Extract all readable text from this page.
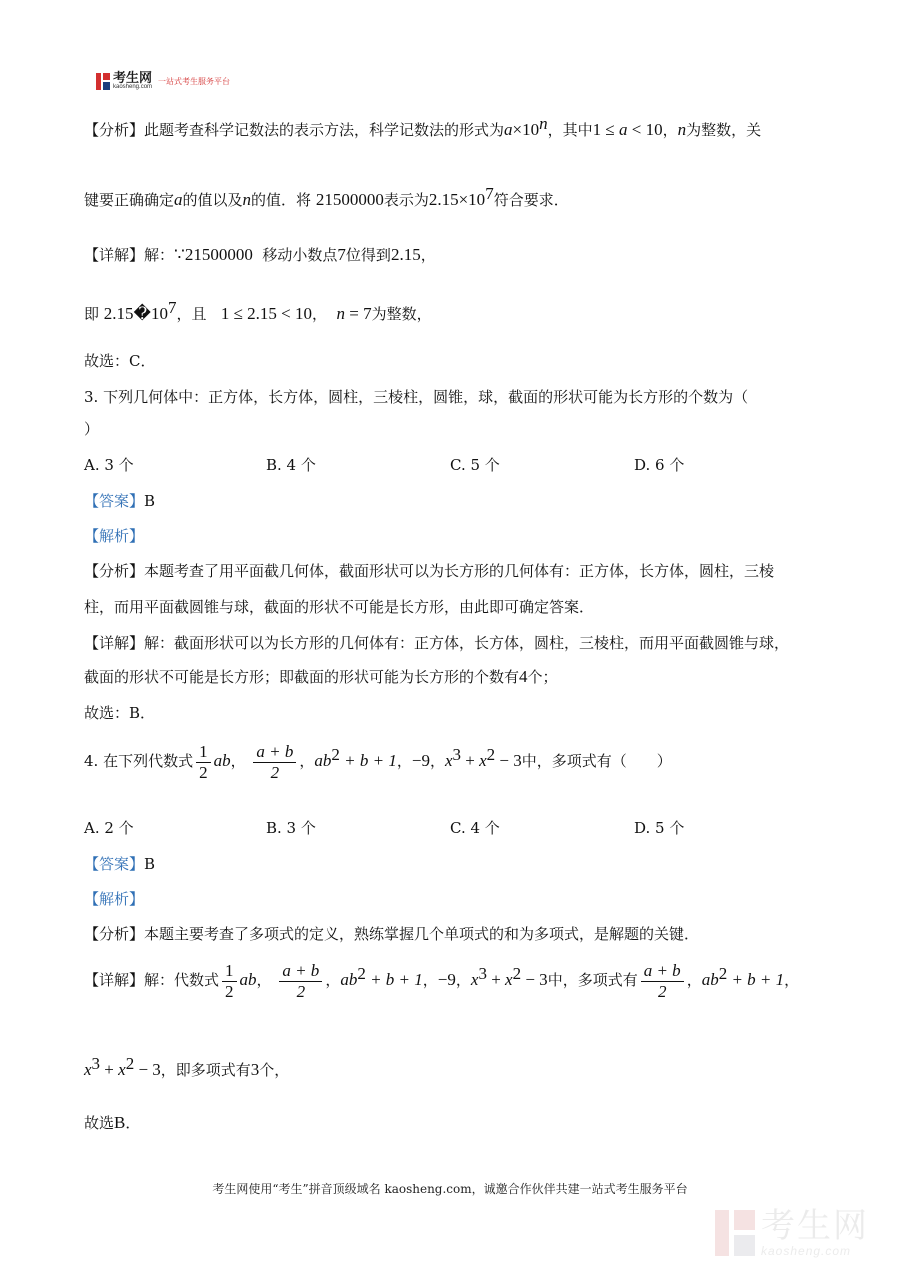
考生网
kaosheng.com
一站式考生服务平台
【分析】此题考查科学记数法的表示方法，科学记数法的形式为$a\times 10^n$，其中1 ≤ a < 10，n为整数，关
键要正确确定a的值以及n的值．将 21500000表示为$2.15\times 10^7$符合要求．
【详解】解：∵21500000 移动小数点7位得到2.15，
即 $2.15�10^7$，且 1 ≤ 2.15 < 10， n = 7为整数，
故选：C．
3. 下列几何体中：正方体，长方体，圆柱，三棱柱，圆锥，球，截面的形状可能为长方形的个数为（
）
A. 3 个	B. 4 个	C. 5 个	D. 6 个
【答案】B
【解析】
【分析】本题考查了用平面截几何体，截面形状可以为长方形的几何体有：正方体，长方体，圆柱，三棱
柱，而用平面截圆锥与球，截面的形状不可能是长方形，由此即可确定答案．
【详解】解：截面形状可以为长方形的几何体有：正方体，长方体，圆柱，三棱柱，而用平面截圆锥与球，
截面的形状不可能是长方形；即截面的形状可能为长方形的个数有4个；
故选：B．
4. 在下列代数式 $\frac{1}{2}$ ab， $\frac{a + b}{2}$ ，$ab^2 + b + 1$，−9，$x^3 + x^2 - 3$中，多项式有（　　）
A. 2 个	B. 3 个	C. 4 个	D. 5 个
【答案】B
【解析】
【分析】本题主要考查了多项式的定义，熟练掌握几个单项式的和为多项式，是解题的关键．
【详解】解：代数式 $\frac{1}{2}$ ab， $\frac{a + b}{2}$ ，$ab^2 + b + 1$，−9，$x^3 + x^2 - 3$中，多项式有 $\frac{a + b}{2}$ ，$ab^2 + b + 1$，
$x^3 + x^2 - 3$，即多项式有3个，
故选B．
考生网使用“考生”拼音顶级域名 kaosheng.com，诚邀合作伙伴共建一站式考生服务平台
考生网
kaosheng.com
